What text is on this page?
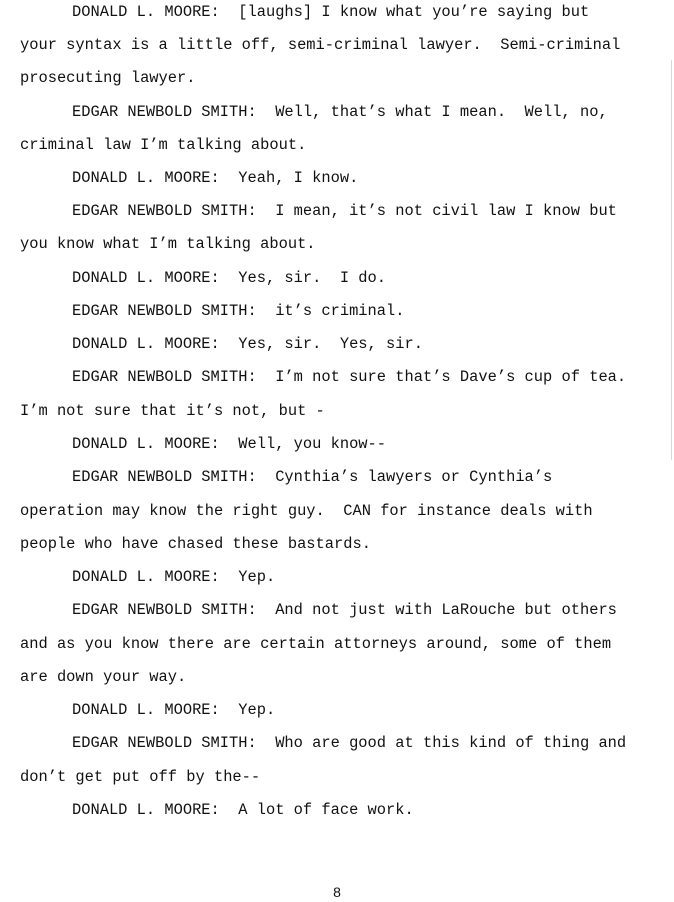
DONALD L. MOORE:  [laughs] I know what you’re saying but
your syntax is a little off, semi-criminal lawyer.  Semi-criminal
prosecuting lawyer.
EDGAR NEWBOLD SMITH:  Well, that’s what I mean.  Well, no,
criminal law I’m talking about.
DONALD L. MOORE:  Yeah, I know.
EDGAR NEWBOLD SMITH:  I mean, it’s not civil law I know but
you know what I’m talking about.
DONALD L. MOORE:  Yes, sir.  I do.
EDGAR NEWBOLD SMITH:  it’s criminal.
DONALD L. MOORE:  Yes, sir.  Yes, sir.
EDGAR NEWBOLD SMITH:  I’m not sure that’s Dave’s cup of tea.
I’m not sure that it’s not, but -
DONALD L. MOORE:  Well, you know--
EDGAR NEWBOLD SMITH:  Cynthia’s lawyers or Cynthia’s
operation may know the right guy.  CAN for instance deals with
people who have chased these bastards.
DONALD L. MOORE:  Yep.
EDGAR NEWBOLD SMITH:  And not just with LaRouche but others
and as you know there are certain attorneys around, some of them
are down your way.
DONALD L. MOORE:  Yep.
EDGAR NEWBOLD SMITH:  Who are good at this kind of thing and
don’t get put off by the--
DONALD L. MOORE:  A lot of face work.
8
